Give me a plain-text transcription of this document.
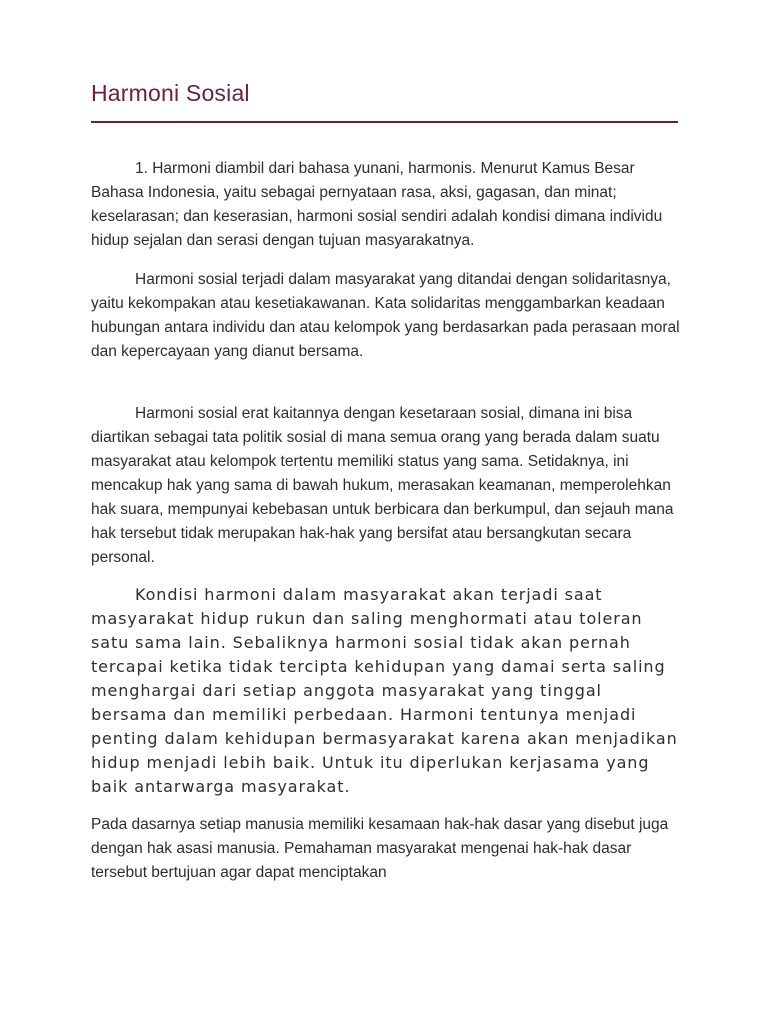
Harmoni Sosial

1. Harmoni diambil dari bahasa yunani, harmonis. Menurut Kamus Besar Bahasa Indonesia, yaitu sebagai pernyataan rasa, aksi, gagasan, dan minat; keselarasan; dan keserasian, harmoni sosial sendiri adalah kondisi dimana individu hidup sejalan dan serasi dengan tujuan masyarakatnya.

Harmoni sosial terjadi dalam masyarakat yang ditandai dengan solidaritasnya, yaitu kekompakan atau kesetiakawanan. Kata solidaritas menggambarkan keadaan hubungan antara individu dan atau kelompok yang berdasarkan pada perasaan moral dan kepercayaan yang dianut bersama.

Harmoni sosial erat kaitannya dengan kesetaraan sosial, dimana ini bisa diartikan sebagai tata politik sosial di mana semua orang yang berada dalam suatu masyarakat atau kelompok tertentu memiliki status yang sama. Setidaknya, ini mencakup hak yang sama di bawah hukum, merasakan keamanan, memperolehkan hak suara, mempunyai kebebasan untuk berbicara dan berkumpul, dan sejauh mana hak tersebut tidak merupakan hak-hak yang bersifat atau bersangkutan secara personal.

Kondisi harmoni dalam masyarakat akan terjadi saat masyarakat hidup rukun dan saling menghormati atau toleran satu sama lain. Sebaliknya harmoni sosial tidak akan pernah tercapai ketika tidak tercipta kehidupan yang damai serta saling menghargai dari setiap anggota masyarakat yang tinggal bersama dan memiliki perbedaan. Harmoni tentunya menjadi penting dalam kehidupan bermasyarakat karena akan menjadikan hidup menjadi lebih baik. Untuk itu diperlukan kerjasama yang baik antarwarga masyarakat.

Pada dasarnya setiap manusia memiliki kesamaan hak-hak dasar yang disebut juga dengan hak asasi manusia. Pemahaman masyarakat mengenai hak-hak dasar tersebut bertujuan agar dapat menciptakan
